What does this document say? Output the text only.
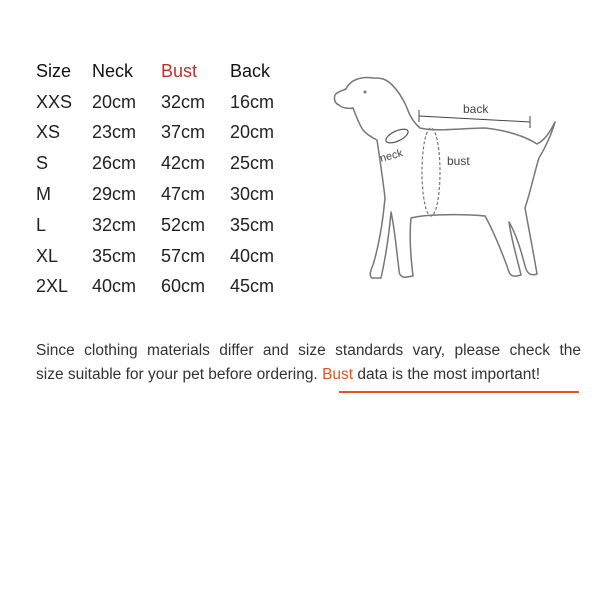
Size	Neck	Bust	Back
XXS	20cm	32cm	16cm
XS	23cm	37cm	20cm
S	26cm	42cm	25cm
M	29cm	47cm	30cm
L	32cm	52cm	35cm
XL	35cm	57cm	40cm
2XL	40cm	60cm	45cm
back
neck	bust
Since clothing materials differ and size standards vary, please check the
size suitable for your pet before ordering. Bust data is the most important!
